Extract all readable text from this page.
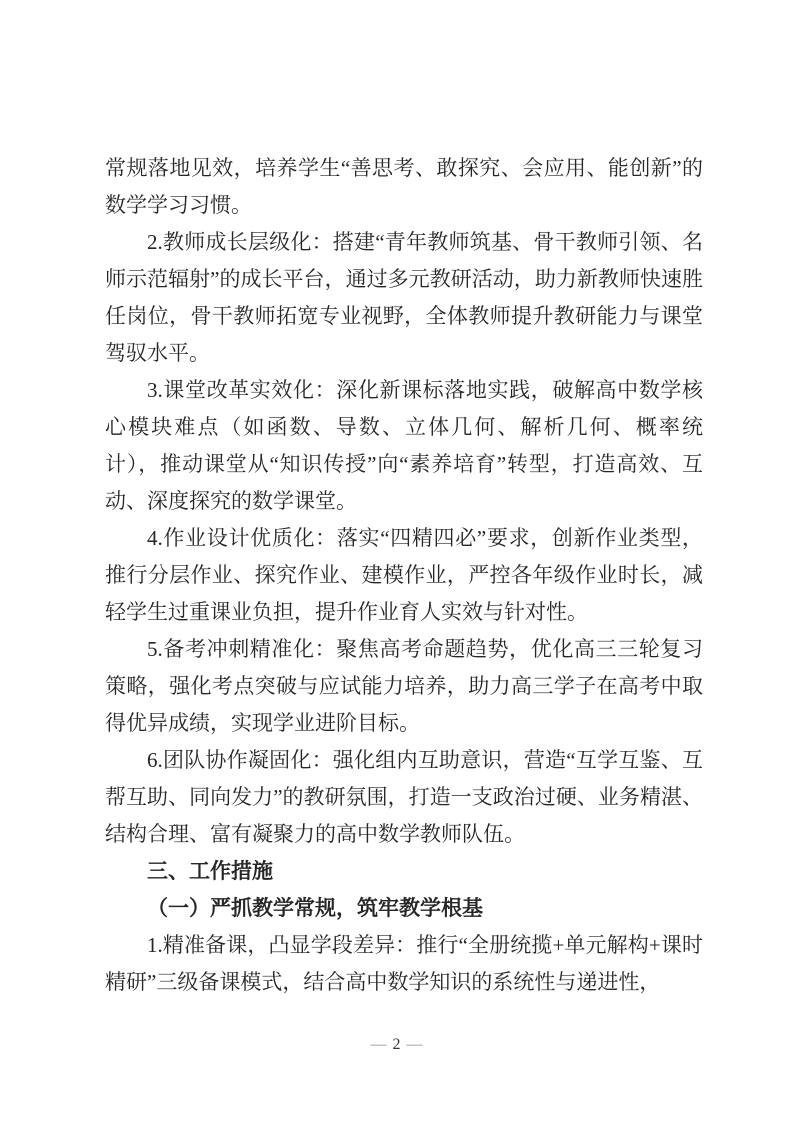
常规落地见效，培养学生“善思考、敢探究、会应用、能创新”的数学学习习惯。

2.教师成长层级化：搭建“青年教师筑基、骨干教师引领、名师示范辐射”的成长平台，通过多元教研活动，助力新教师快速胜任岗位，骨干教师拓宽专业视野，全体教师提升教研能力与课堂驾驭水平。

3.课堂改革实效化：深化新课标落地实践，破解高中数学核心模块难点（如函数、导数、立体几何、解析几何、概率统计），推动课堂从“知识传授”向“素养培育”转型，打造高效、互动、深度探究的数学课堂。

4.作业设计优质化：落实“四精四必”要求，创新作业类型，推行分层作业、探究作业、建模作业，严控各年级作业时长，减轻学生过重课业负担，提升作业育人实效与针对性。

5.备考冲刺精准化：聚焦高考命题趋势，优化高三三轮复习策略，强化考点突破与应试能力培养，助力高三学子在高考中取得优异成绩，实现学业进阶目标。

6.团队协作凝固化：强化组内互助意识，营造“互学互鉴、互帮互助、同向发力”的教研氛围，打造一支政治过硬、业务精湛、结构合理、富有凝聚力的高中数学教师队伍。

三、工作措施
（一）严抓教学常规，筑牢教学根基

1.精准备课，凸显学段差异：推行“全册统揽+单元解构+课时精研”三级备课模式，结合高中数学知识的系统性与递进性，

— 2 —
